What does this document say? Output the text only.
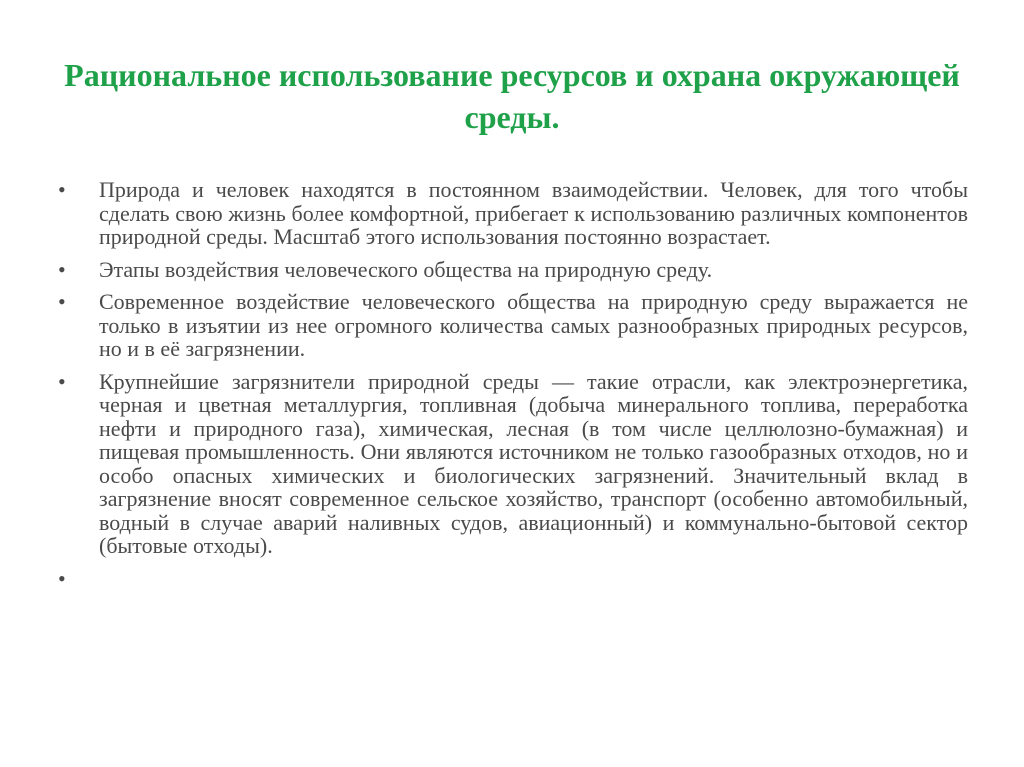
Рациональное использование ресурсов и охрана окружающей среды.
•	Природа и человек находятся в постоянном взаимодействии. Человек, для того чтобы сделать свою жизнь более комфортной, прибегает к использованию различных компонентов природной среды. Масштаб этого использования постоянно возрастает.
•	Этапы воздействия человеческого общества на природную среду.
•	Современное воздействие человеческого общества на природную среду выражается не только в изъятии из нее огромного количества самых разнообразных природных ресурсов, но и в её загрязнении.
•	Крупнейшие загрязнители природной среды — такие отрасли, как электроэнергетика, черная и цветная металлургия, топливная (добыча минерального топлива, переработка нефти и природного газа), химическая, лесная (в том числе целлюлозно-бумажная) и пищевая промышленность. Они являются источником не только газообразных отходов, но и особо опасных химических и биологических загрязнений. Значительный вклад в загрязнение вносят современное сельское хозяйство, транспорт (особенно автомобильный, водный в случае аварий наливных судов, авиационный) и коммунально-бытовой сектор (бытовые отходы).
•
